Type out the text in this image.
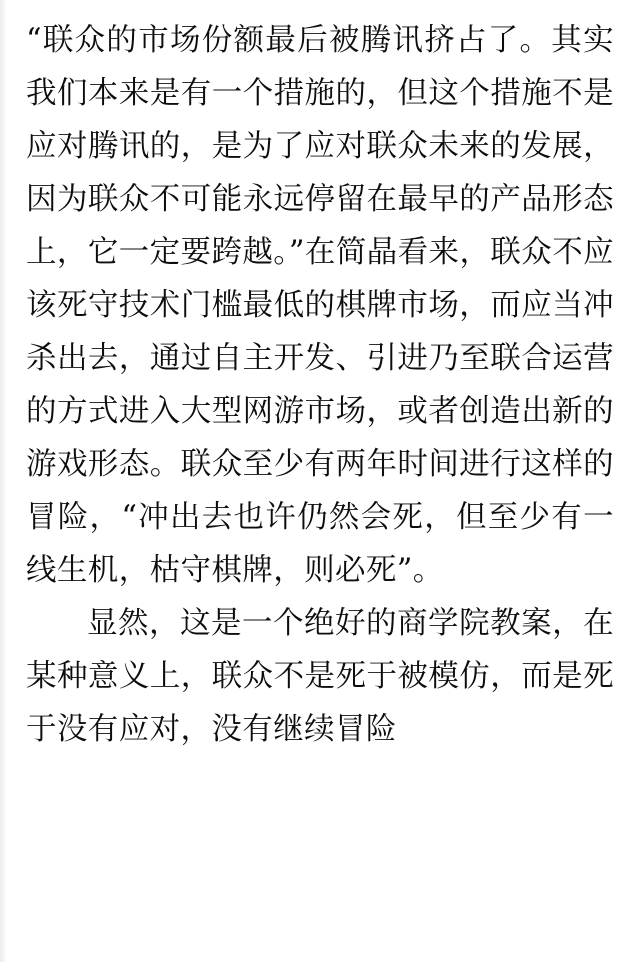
“联众的市场份额最后被腾讯挤占了。其实我们本来是有一个措施的，但这个措施不是应对腾讯的，是为了应对联众未来的发展，因为联众不可能永远停留在最早的产品形态上，它一定要跨越。”在简晶看来，联众不应该死守技术门槛最低的棋牌市场，而应当冲杀出去，通过自主开发、引进乃至联合运营的方式进入大型网游市场，或者创造出新的游戏形态。联众至少有两年时间进行这样的冒险，“冲出去也许仍然会死，但至少有一线生机，枯守棋牌，则必死”。

显然，这是一个绝好的商学院教案，在某种意义上，联众不是死于被模仿，而是死于没有应对，没有继续冒险
